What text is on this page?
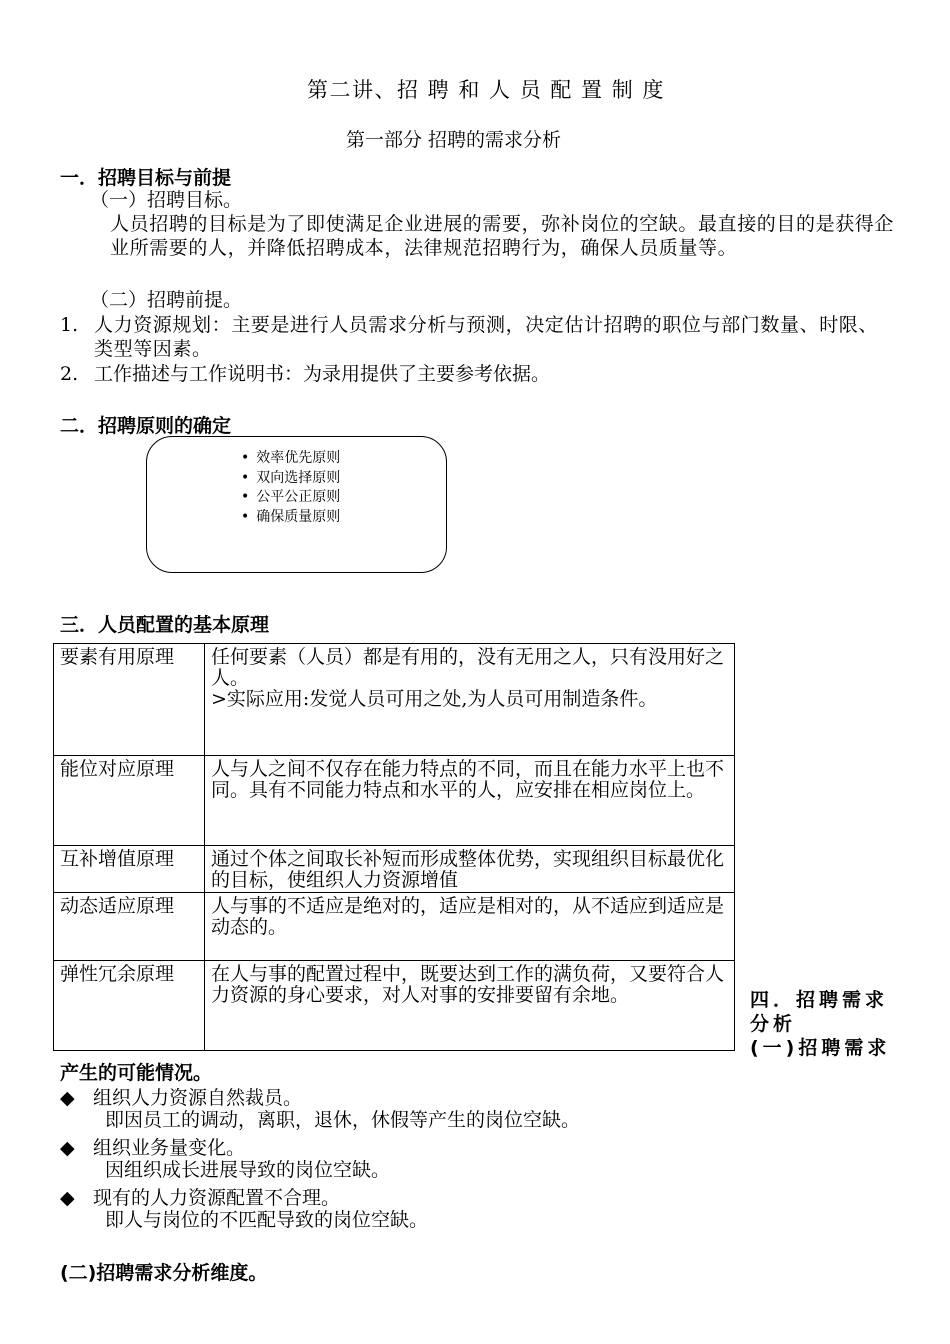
第二讲、招 聘 和 人 员 配 置 制 度
第一部分 招聘的需求分析
一．招聘目标与前提
（一）招聘目标。
人员招聘的目标是为了即使满足企业进展的需要，弥补岗位的空缺。最直接的目的是获得企业所需要的人，并降低招聘成本，法律规范招聘行为，确保人员质量等。
（二）招聘前提。
1. 人力资源规划：主要是进行人员需求分析与预测，决定估计招聘的职位与部门数量、时限、类型等因素。
2. 工作描述与工作说明书：为录用提供了主要参考依据。
二．招聘原则的确定
• 效率优先原则
• 双向选择原则
• 公平公正原则
• 确保质量原则
三．人员配置的基本原理
要素有用原理	任何要素（人员）都是有用的，没有无用之人，只有没用好之人。
>实际应用:发觉人员可用之处,为人员可用制造条件。

能位对应原理	人与人之间不仅存在能力特点的不同，而且在能力水平上也不同。具有不同能力特点和水平的人，应安排在相应岗位上。
互补增值原理	通过个体之间取长补短而形成整体优势，实现组织目标最优化的目标，使组织人力资源增值
动态适应原理	人与事的不适应是绝对的，适应是相对的，从不适应到适应是动态的。
弹性冗余原理	在人与事的配置过程中，既要达到工作的满负荷，又要符合人力资源的身心要求，对人对事的安排要留有余地。	四．招聘需求
分析
(一)招聘需求
产生的可能情况。
◆ 组织人力资源自然裁员。
即因员工的调动，离职，退休，休假等产生的岗位空缺。
◆ 组织业务量变化。
因组织成长进展导致的岗位空缺。
◆ 现有的人力资源配置不合理。
即人与岗位的不匹配导致的岗位空缺。
(二)招聘需求分析维度。
